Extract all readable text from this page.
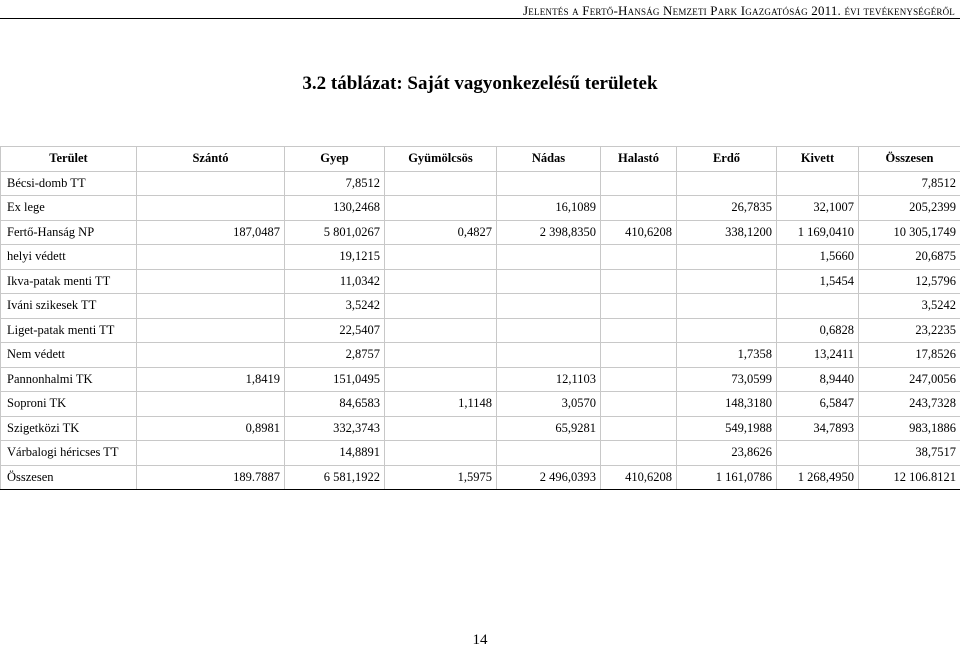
Jelentés a Fertő-Hanság Nemzeti Park Igazgatóság 2011. évi tevékenységéről
3.2 táblázat: Saját vagyonkezelésű területek
Terület	Szántó	Gyep	Gyümölcsös	Nádas	Halastó	Erdő	Kivett	Összesen
Bécsi-domb TT		7,8512						7,8512
Ex lege		130,2468		16,1089		26,7835	32,1007	205,2399
Fertő-Hanság NP	187,0487	5 801,0267	0,4827	2 398,8350	410,6208	338,1200	1 169,0410	10 305,1749
helyi védett		19,1215					1,5660	20,6875
Ikva-patak menti TT		11,0342					1,5454	12,5796
Iváni szikesek TT		3,5242						3,5242
Liget-patak menti TT		22,5407					0,6828	23,2235
Nem védett		2,8757				1,7358	13,2411	17,8526
Pannonhalmi TK	1,8419	151,0495		12,1103		73,0599	8,9440	247,0056
Soproni TK		84,6583	1,1148	3,0570		148,3180	6,5847	243,7328
Szigetközi TK	0,8981	332,3743		65,9281		549,1988	34,7893	983,1886
Várbalogi héricses TT		14,8891				23,8626		38,7517
Összesen	189.7887	6 581,1922	1,5975	2 496,0393	410,6208	1 161,0786	1 268,4950	12 106.8121
14
